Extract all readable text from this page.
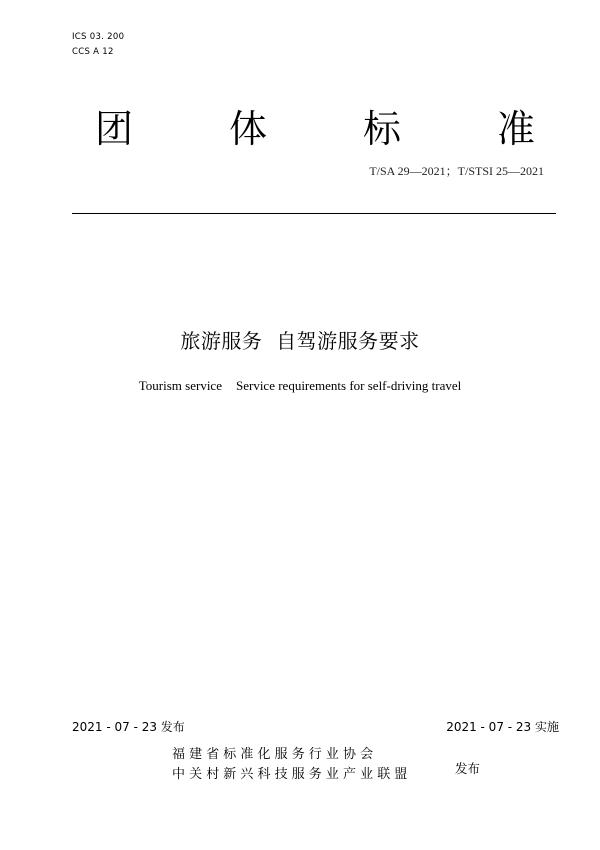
ICS 03. 200
CCS A 12
团	体	标	准
T/SA 29—2021；T/STSI 25—2021
旅游服务  自驾游服务要求
Tourism service Service requirements for self-driving travel
2021 - 07 - 23 发布	2021 - 07 - 23 实施
福建省标准化服务行业协会
中关村新兴科技服务业产业联盟	发布
